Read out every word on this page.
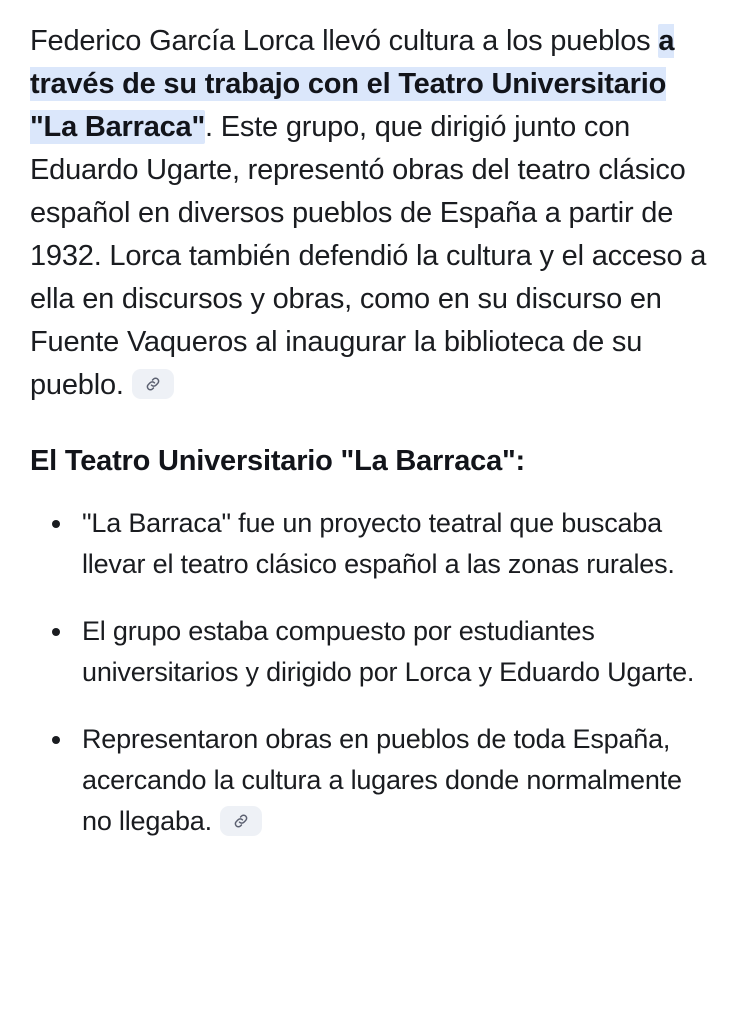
Federico García Lorca llevó cultura a los pueblos a través de su trabajo con el Teatro Universitario "La Barraca". Este grupo, que dirigió junto con Eduardo Ugarte, representó obras del teatro clásico español en diversos pueblos de España a partir de 1932. Lorca también defendió la cultura y el acceso a ella en discursos y obras, como en su discurso en Fuente Vaqueros al inaugurar la biblioteca de su pueblo.

El Teatro Universitario "La Barraca":
"La Barraca" fue un proyecto teatral que buscaba llevar el teatro clásico español a las zonas rurales.
El grupo estaba compuesto por estudiantes universitarios y dirigido por Lorca y Eduardo Ugarte.
Representaron obras en pueblos de toda España, acercando la cultura a lugares donde normalmente no llegaba.
